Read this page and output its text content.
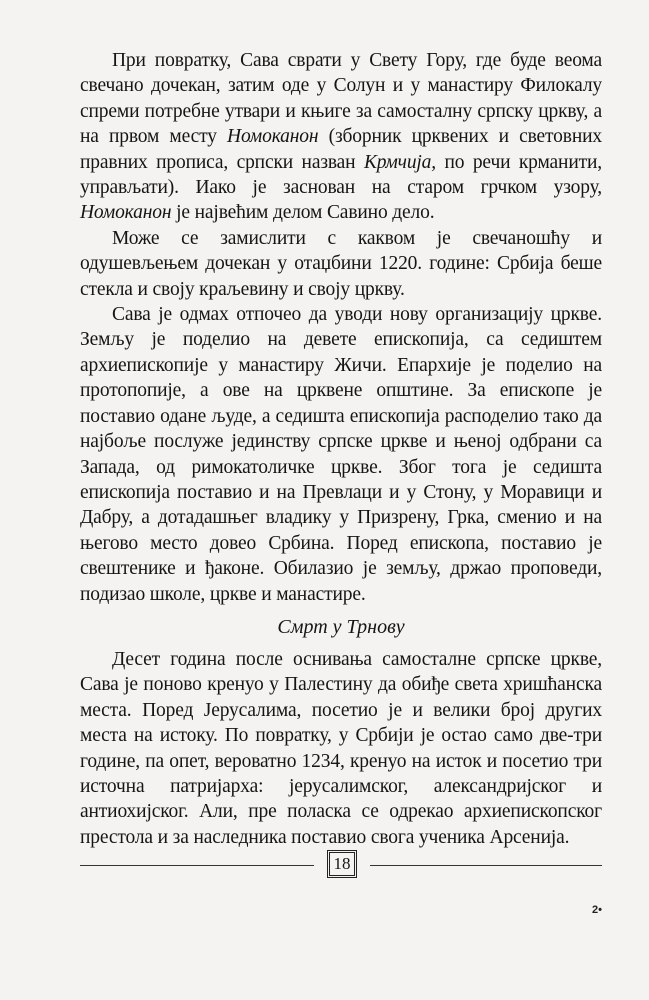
При повратку, Сава сврати у Свету Гору, где буде веома свечано дочекан, затим оде у Солун и у манастиру Филокалу спреми потребне утвари и књиге за самосталну српску цркву, а на првом месту Номоканон (зборник црквених и световних правних прописа, српски назван Крмчија, по речи крманити, управљати). Иако је заснован на старом грчком узору, Номоканон је највећим делом Савино дело.

Може се замислити с каквом је свечаношћу и одушевљењем дочекан у отаџбини 1220. године: Србија беше стекла и своју краљевину и своју цркву.

Сава је одмах отпочео да уводи нову организацију цркве. Земљу је поделио на девете епископија, са седиштем архиепископије у манастиру Жичи. Епархије је поделио на протопопије, а ове на црквене општине. За епископе је поставио одане људе, а седишта епископија расподелио тако да најбоље послуже јединству српске цркве и њеној одбрани са Запада, од римокатоличке цркве. Због тога је седишта епископија поставио и на Превлаци и у Стону, у Моравици и Дабру, а дотадашњег владику у Призрену, Грка, сменио и на његово место довео Србина. Поред епископа, поставио је свештенике и ђаконе. Обилазио је земљу, држао проповеди, подизао школе, цркве и манастире.

Смрт у Трнову

Десет година после оснивања самосталне српске цркве, Сава је поново кренуо у Палестину да обиђе света хришћанска места. Поред Јерусалима, посетио је и велики број других места на истоку. По повратку, у Србији је остао само две-три године, па опет, вероватно 1234, кренуо на исток и посетио три источна патријарха: јерусалимског, александријског и антиохијског. Али, пре поласка се одрекао архиепископског престола и за наследника поставио свога ученика Арсенија.

18
2•
